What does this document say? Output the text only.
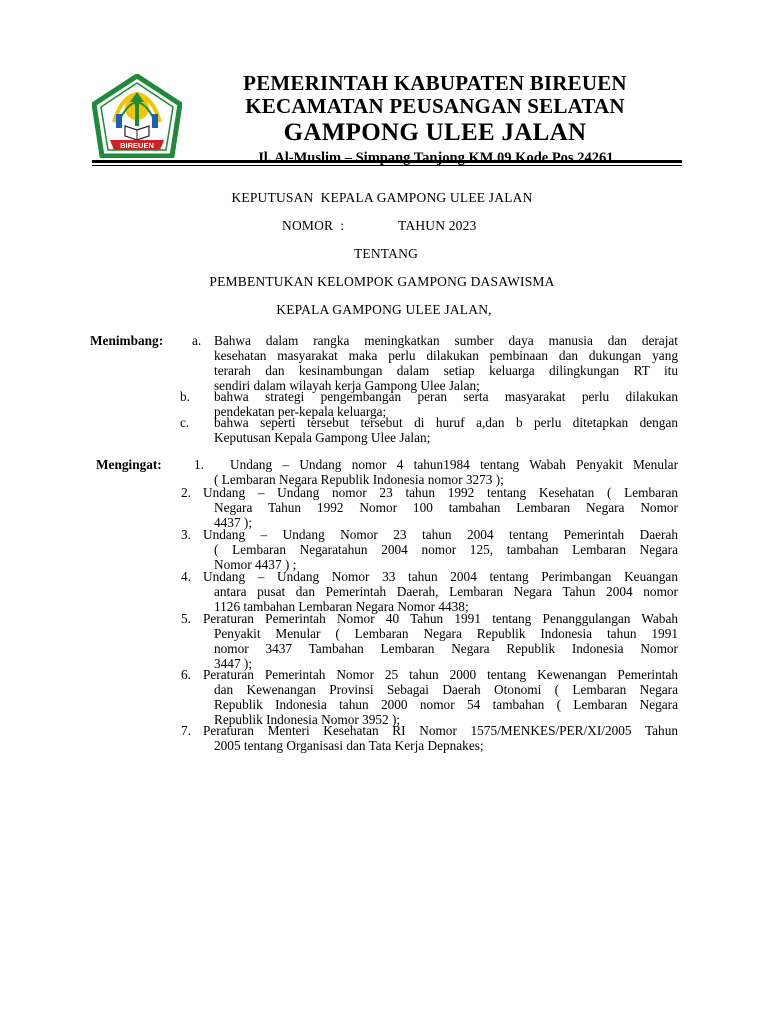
BIREUEN
PEMERINTAH KABUPATEN BIREUEN
KECAMATAN PEUSANGAN SELATAN
GAMPONG ULEE JALAN
Jl. Al-Muslim – Simpang Tanjong KM.09 Kode Pos 24261
KEPUTUSAN  KEPALA GAMPONG ULEE JALAN
NOMOR  :	TAHUN 2023
TENTANG
PEMBENTUKAN KELOMPOK GAMPONG DASAWISMA
KEPALA GAMPONG ULEE JALAN,
Menimbang: a. Bahwa dalam rangka meningkatkan sumber daya manusia dan derajat
kesehatan masyarakat maka perlu dilakukan pembinaan dan dukungan yang
terarah dan kesinambungan dalam setiap keluarga dilingkungan RT itu
sendiri dalam wilayah kerja Gampong Ulee Jalan;
b. bahwa strategi pengembangan peran serta masyarakat perlu dilakukan
pendekatan per-kepala keluarga;
c. bahwa seperti tersebut tersebut di huruf a,dan b perlu ditetapkan dengan
Keputusan Kepala Gampong Ulee Jalan;
Mengingat: 1. Undang – Undang nomor 4 tahun1984 tentang Wabah Penyakit Menular
( Lembaran Negara Republik Indonesia nomor 3273 );
2. Undang – Undang nomor 23 tahun 1992 tentang Kesehatan ( Lembaran
Negara Tahun 1992 Nomor 100 tambahan Lembaran Negara Nomor
4437 );
3. Undang – Undang Nomor 23 tahun 2004 tentang Pemerintah Daerah
( Lembaran Negaratahun 2004 nomor 125, tambahan Lembaran Negara
Nomor 4437 ) ;
4. Undang – Undang Nomor 33 tahun 2004 tentang Perimbangan Keuangan
antara pusat dan Pemerintah Daerah, Lembaran Negara Tahun 2004 nomor
1126 tambahan Lembaran Negara Nomor 4438;
5. Peraturan Pemerintah Nomor 40 Tahun 1991 tentang Penanggulangan Wabah
Penyakit Menular ( Lembaran Negara Republik Indonesia tahun 1991
nomor 3437 Tambahan Lembaran Negara Republik Indonesia Nomor
3447 );
6. Peraturan Pemerintah Nomor 25 tahun 2000 tentang Kewenangan Pemerintah
dan Kewenangan Provinsi Sebagai Daerah Otonomi ( Lembaran Negara
Republik Indonesia tahun 2000 nomor 54 tambahan ( Lembaran Negara
Republik Indonesia Nomor 3952 );
7. Peraturan Menteri Kesehatan RI Nomor 1575/MENKES/PER/XI/2005 Tahun
2005 tentang Organisasi dan Tata Kerja Depnakes;
